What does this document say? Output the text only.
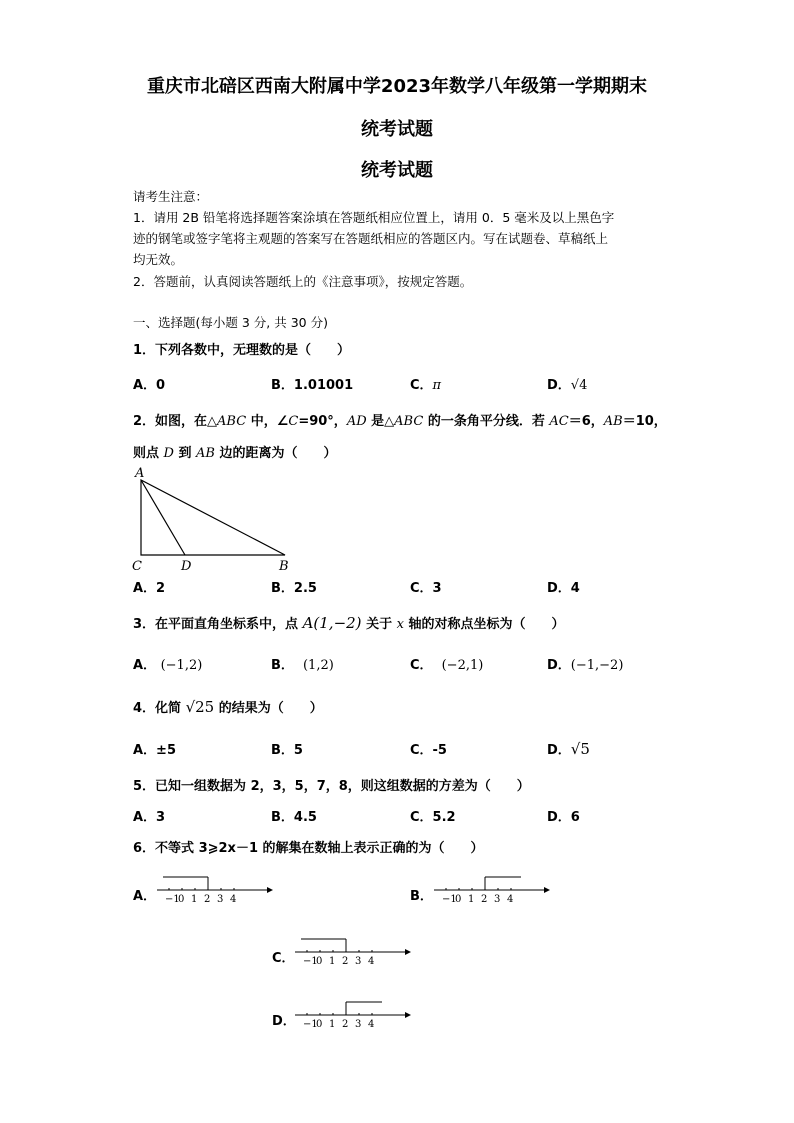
重庆市北碚区西南大附属中学2023年数学八年级第一学期期末
统考试题
统考试题
请考生注意：
1．请用 2B 铅笔将选择题答案涂填在答题纸相应位置上，请用 0．5 毫米及以上黑色字
迹的钢笔或签字笔将主观题的答案写在答题纸相应的答题区内。写在试题卷、草稿纸上
均无效。
2．答题前，认真阅读答题纸上的《注意事项》，按规定答题。
一、选择题(每小题 3 分, 共 30 分)
1．下列各数中，无理数的是（　　）
A．0	B．1.01001	C．π	D．√4
2．如图，在△ABC 中，∠C=90°，AD 是△ABC 的一条角平分线．若 AC＝6，AB＝10，
则点 D 到 AB 边的距离为（　　）
A
C	D	B
A．2	B．2.5	C．3	D．4
3．在平面直角坐标系中，点 A(1,−2) 关于 x 轴的对称点坐标为（　　）
A． (−1,2)	B． (1,2)	C． (−2,1)	D．(−1,−2)
4．化简 √25 的结果为（　　）
A．±5	B．5	C．-5	D．√5
5．已知一组数据为 2，3，5，7，8，则这组数据的方差为（　　）
A．3	B．4.5	C．5.2	D．6
6．不等式 3⩾2x－1 的解集在数轴上表示正确的为（　　）
A． −1
0 1 2 3 4	B． −1
0 1 2 3 4
C． −1
0 1 2 3 4
D． −1
0 1 2 3 4
